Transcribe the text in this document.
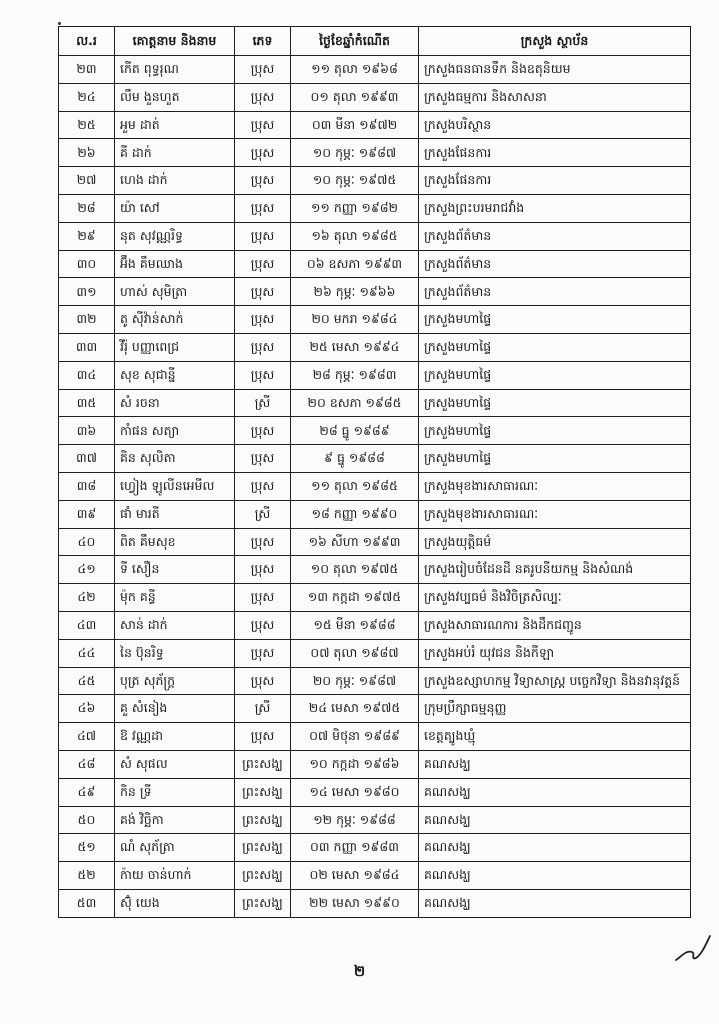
ល.រ	គោត្តនាម និងនាម	ភេទ	ថ្ងៃខែឆ្នាំកំណើត	ក្រសួង ស្ថាប័ន
២៣	កើត ពុទ្ធរុណ	ប្រុស	១១ តុលា ១៩៦៨	ក្រសួងធនធានទឹក និងឧតុនិយម
២៤	លឹម ងួនហួត	ប្រុស	០១ តុលា ១៩៩៣	ក្រសួងធម្មការ និងសាសនា
២៥	អួម ដាត់	ប្រុស	០៣ មីនា ១៩៧២	ក្រសួងបរិស្ថាន
២៦	គី ដាក់	ប្រុស	១០ កុម្ភៈ ១៩៨៧	ក្រសួងផែនការ
២៧	ហេង ដាក់	ប្រុស	១០ កុម្ភៈ ១៩៧៥	ក្រសួងផែនការ
២៨	យ៉ា សៅ	ប្រុស	១១ កញ្ញា ១៩៨២	ក្រសួងព្រះបរមរាជវាំង
២៩	នុត សុវណ្ណរិទ្ធ	ប្រុស	១៦ តុលា ១៩៨៥	ក្រសួងព័ត៌មាន
៣០	អ៊ឹង គឹមឈាង	ប្រុស	០៦ ឧសភា ១៩៩៣	ក្រសួងព័ត៌មាន
៣១	ហាស់ សុមិត្រា	ប្រុស	២៦ កុម្ភៈ ១៩៦៦	ក្រសួងព័ត៌មាន
៣២	តូ ស៊ីវ៉ាន់សាក់	ប្រុស	២០ មករា ១៩៨៤	ក្រសួងមហាផ្ទៃ
៣៣	វីរ៉ុ បញ្ញាពេជ្រ	ប្រុស	២៥ មេសា ១៩៩៤	ក្រសួងមហាផ្ទៃ
៣៤	សុខ សុជាន្នី	ប្រុស	២៨ កុម្ភៈ ១៩៨៣	ក្រសួងមហាផ្ទៃ
៣៥	សំ រចនា	ស្រី	២០ ឧសភា ១៩៨៥	ក្រសួងមហាផ្ទៃ
៣៦	កាំផន សត្យា	ប្រុស	២៨ ធ្នូ ១៩៨៩	ក្រសួងមហាផ្ទៃ
៣៧	គិន សុលិតា	ប្រុស	៩ ធ្នូ ១៩៨៨	ក្រសួងមហាផ្ទៃ
៣៨	ហ្វៀង ឡូលីនអេមីល	ប្រុស	១១ តុលា ១៩៨៥	ក្រសួងមុខងារសាធារណៈ
៣៩	ផាំ មារតី	ស្រី	១៨ កញ្ញា ១៩៩០	ក្រសួងមុខងារសាធារណៈ
៤០	ពិត គឹមសុខ	ប្រុស	១៦ សីហា ១៩៩៣	ក្រសួងយុត្តិធម៌
៤១	ទី សឿន	ប្រុស	១០ តុលា ១៩៧៥	ក្រសួងរៀបចំដែនដី នគរូបនីយកម្ម និងសំណង់
៤២	ម៉ុក គន្ធី	ប្រុស	១៣ កក្កដា ១៩៧៥	ក្រសួងវប្បធម៌ និងវិចិត្រសិល្បៈ
៤៣	សាន់ ដាក់	ប្រុស	១៥ មីនា ១៩៨៨	ក្រសួងសាធារណការ និងដឹកជញ្ជូន
៤៤	នៃ ប៊ុនរិទ្ធ	ប្រុស	០៧ តុលា ១៩៨៧	ក្រសួងអប់រំ យុវជន និងកីឡា
៤៥	បុត្រ សុភ័ក្ត្រ	ប្រុស	២០ កុម្ភៈ ១៩៨៧	ក្រសួងឧស្សាហកម្ម វិទ្យាសាស្ត្រ បច្ចេកវិទ្យា និងនវានុវត្តន៍
៤៦	គួ សំនៀង	ស្រី	២៤ មេសា ១៩៧៥	ក្រុមប្រឹក្សាធម្មនុញ្ញ
៤៧	ឱ វណ្ណដា	ប្រុស	០៧ មិថុនា ១៩៨៩	ខេត្តត្បូងឃ្មុំ
៤៨	សំ សុផល	ព្រះសង្ឃ	១០ កក្កដា ១៩៨៦	គណសង្ឃ
៤៩	កិន ទ្រី	ព្រះសង្ឃ	១៤ មេសា ១៩៨០	គណសង្ឃ
៥០	គង់ វិច្ឆិកា	ព្រះសង្ឃ	១២ កុម្ភៈ ១៩៨៨	គណសង្ឃ
៥១	ណំ សុភ័ត្រា	ព្រះសង្ឃ	០៣ កញ្ញា ១៩៨៣	គណសង្ឃ
៥២	ក៉ាយ ចាន់ហាក់	ព្រះសង្ឃ	០២ មេសា ១៩៨៤	គណសង្ឃ
៥៣	ស៊ុំ យេង	ព្រះសង្ឃ	២២ មេសា ១៩៩០	គណសង្ឃ
២
